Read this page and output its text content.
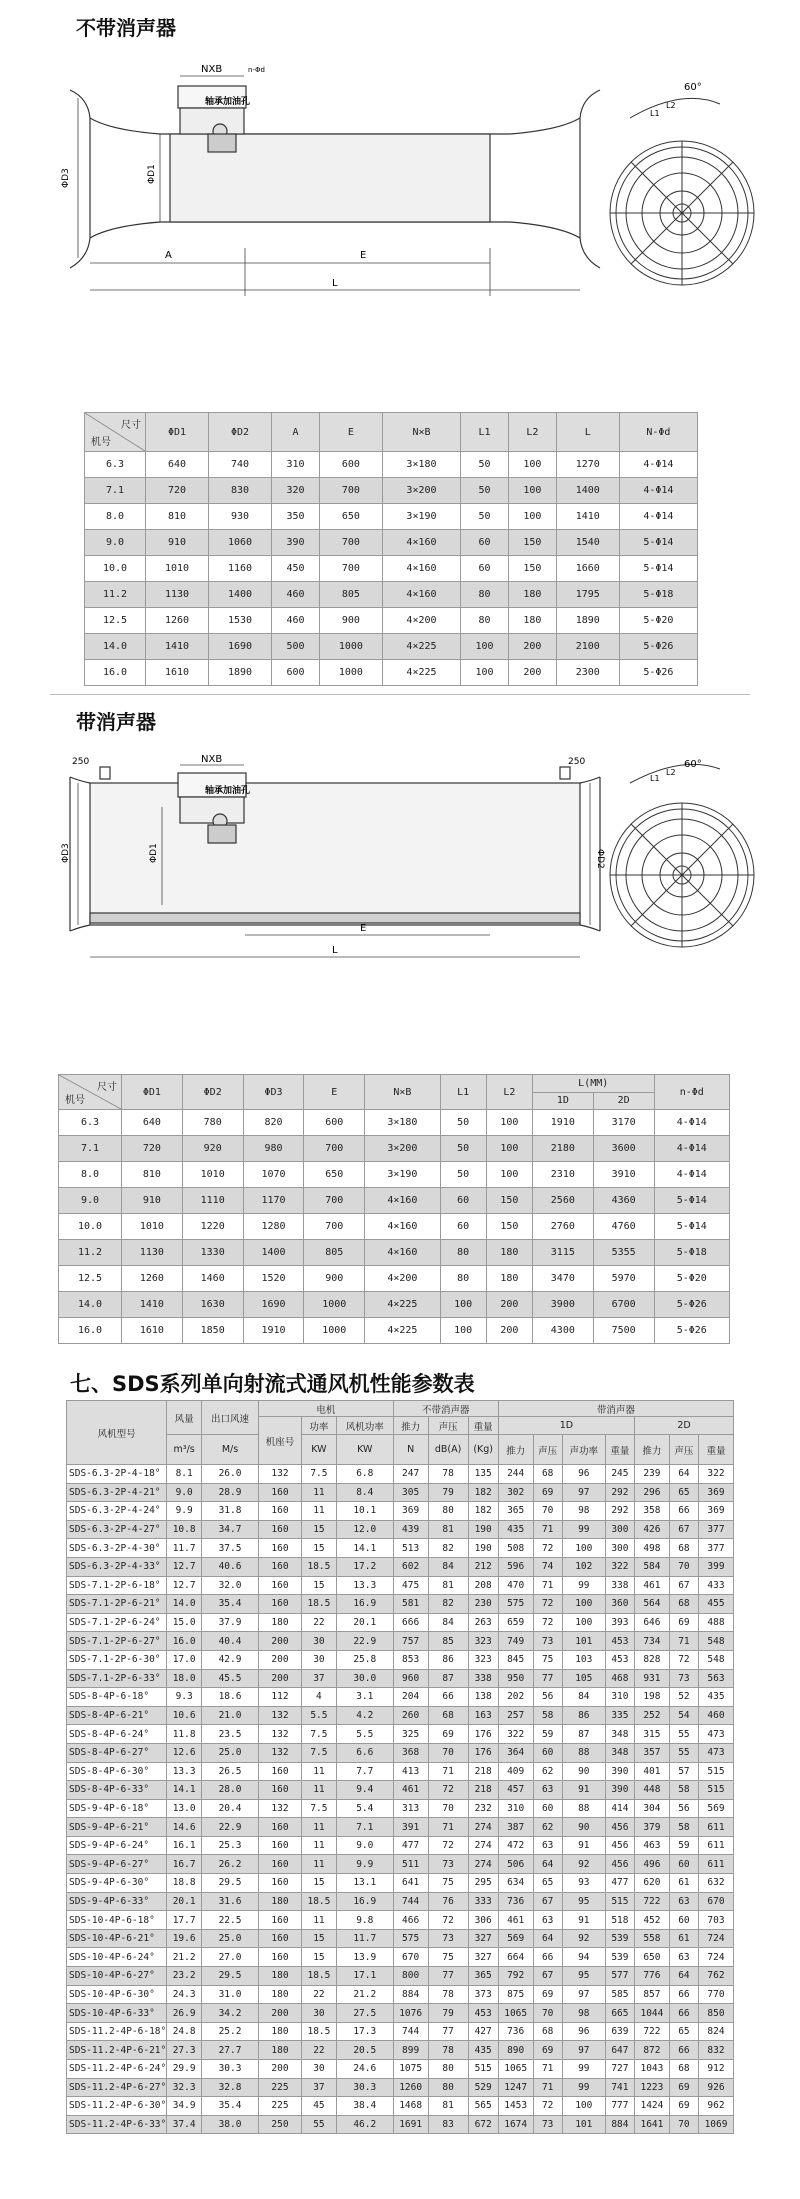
不带消声器
NXB	n-Φd
轴承加油孔
ΦD3	ΦD1
A	E
L
60°
L1
L2
尺寸
机号	ΦD1	ΦD2	A	E	N×B	L1	L2	L	N-Φd
6.3	640	740	310	600	3×180	50	100	1270	4-Φ14
7.1	720	830	320	700	3×200	50	100	1400	4-Φ14
8.0	810	930	350	650	3×190	50	100	1410	4-Φ14
9.0	910	1060	390	700	4×160	60	150	1540	5-Φ14
10.0	1010	1160	450	700	4×160	60	150	1660	5-Φ14
11.2	1130	1400	460	805	4×160	80	180	1795	5-Φ18
12.5	1260	1530	460	900	4×200	80	180	1890	5-Φ20
14.0	1410	1690	500	1000	4×225	100	200	2100	5-Φ26
16.0	1610	1890	600	1000	4×225	100	200	2300	5-Φ26
带消声器
NXB
250	250
轴承加油孔
ΦD3	ΦD1	ΦD2
E
L
60°
L1
L2
尺寸
机号	ΦD1	ΦD2	ΦD3	E	N×B	L1	L2	L(MM)		n-Φd
								1D	2D	
6.3	640	780	820	600	3×180	50	100	1910	3170	4-Φ14
7.1	720	920	980	700	3×200	50	100	2180	3600	4-Φ14
8.0	810	1010	1070	650	3×190	50	100	2310	3910	4-Φ14
9.0	910	1110	1170	700	4×160	60	150	2560	4360	5-Φ14
10.0	1010	1220	1280	700	4×160	60	150	2760	4760	5-Φ14
11.2	1130	1330	1400	805	4×160	80	180	3115	5355	5-Φ18
12.5	1260	1460	1520	900	4×200	80	180	3470	5970	5-Φ20
14.0	1410	1630	1690	1000	4×225	100	200	3900	6700	5-Φ26
16.0	1610	1850	1910	1000	4×225	100	200	4300	7500	5-Φ26
七、SDS系列单向射流式通风机性能参数表
风机型号	风量	出口风速	电机			不带消声器			带消声器						
			机座号	功率	风机功率	推力	声压	重量	1D				2D		
	m³/s	M/s		KW	KW	N	dB(A)	(Kg)	推力	声压	声功率	重量	推力	声压	重量
SDS-6.3-2P-4-18°	8.1	26.0	132	7.5	6.8	247	78	135	244	68	96	245	239	64	322
SDS-6.3-2P-4-21°	9.0	28.9	160	11	8.4	305	79	182	302	69	97	292	296	65	369
SDS-6.3-2P-4-24°	9.9	31.8	160	11	10.1	369	80	182	365	70	98	292	358	66	369
SDS-6.3-2P-4-27°	10.8	34.7	160	15	12.0	439	81	190	435	71	99	300	426	67	377
SDS-6.3-2P-4-30°	11.7	37.5	160	15	14.1	513	82	190	508	72	100	300	498	68	377
SDS-6.3-2P-4-33°	12.7	40.6	160	18.5	17.2	602	84	212	596	74	102	322	584	70	399
SDS-7.1-2P-6-18°	12.7	32.0	160	15	13.3	475	81	208	470	71	99	338	461	67	433
SDS-7.1-2P-6-21°	14.0	35.4	160	18.5	16.9	581	82	230	575	72	100	360	564	68	455
SDS-7.1-2P-6-24°	15.0	37.9	180	22	20.1	666	84	263	659	72	100	393	646	69	488
SDS-7.1-2P-6-27°	16.0	40.4	200	30	22.9	757	85	323	749	73	101	453	734	71	548
SDS-7.1-2P-6-30°	17.0	42.9	200	30	25.8	853	86	323	845	75	103	453	828	72	548
SDS-7.1-2P-6-33°	18.0	45.5	200	37	30.0	960	87	338	950	77	105	468	931	73	563
SDS-8-4P-6-18°	9.3	18.6	112	4	3.1	204	66	138	202	56	84	310	198	52	435
SDS-8-4P-6-21°	10.6	21.0	132	5.5	4.2	260	68	163	257	58	86	335	252	54	460
SDS-8-4P-6-24°	11.8	23.5	132	7.5	5.5	325	69	176	322	59	87	348	315	55	473
SDS-8-4P-6-27°	12.6	25.0	132	7.5	6.6	368	70	176	364	60	88	348	357	55	473
SDS-8-4P-6-30°	13.3	26.5	160	11	7.7	413	71	218	409	62	90	390	401	57	515
SDS-8-4P-6-33°	14.1	28.0	160	11	9.4	461	72	218	457	63	91	390	448	58	515
SDS-9-4P-6-18°	13.0	20.4	132	7.5	5.4	313	70	232	310	60	88	414	304	56	569
SDS-9-4P-6-21°	14.6	22.9	160	11	7.1	391	71	274	387	62	90	456	379	58	611
SDS-9-4P-6-24°	16.1	25.3	160	11	9.0	477	72	274	472	63	91	456	463	59	611
SDS-9-4P-6-27°	16.7	26.2	160	11	9.9	511	73	274	506	64	92	456	496	60	611
SDS-9-4P-6-30°	18.8	29.5	160	15	13.1	641	75	295	634	65	93	477	620	61	632
SDS-9-4P-6-33°	20.1	31.6	180	18.5	16.9	744	76	333	736	67	95	515	722	63	670
SDS-10-4P-6-18°	17.7	22.5	160	11	9.8	466	72	306	461	63	91	518	452	60	703
SDS-10-4P-6-21°	19.6	25.0	160	15	11.7	575	73	327	569	64	92	539	558	61	724
SDS-10-4P-6-24°	21.2	27.0	160	15	13.9	670	75	327	664	66	94	539	650	63	724
SDS-10-4P-6-27°	23.2	29.5	180	18.5	17.1	800	77	365	792	67	95	577	776	64	762
SDS-10-4P-6-30°	24.3	31.0	180	22	21.2	884	78	373	875	69	97	585	857	66	770
SDS-10-4P-6-33°	26.9	34.2	200	30	27.5	1076	79	453	1065	70	98	665	1044	66	850
SDS-11.2-4P-6-18°	24.8	25.2	180	18.5	17.3	744	77	427	736	68	96	639	722	65	824
SDS-11.2-4P-6-21°	27.3	27.7	180	22	20.5	899	78	435	890	69	97	647	872	66	832
SDS-11.2-4P-6-24°	29.9	30.3	200	30	24.6	1075	80	515	1065	71	99	727	1043	68	912
SDS-11.2-4P-6-27°	32.3	32.8	225	37	30.3	1260	80	529	1247	71	99	741	1223	69	926
SDS-11.2-4P-6-30°	34.9	35.4	225	45	38.4	1468	81	565	1453	72	100	777	1424	69	962
SDS-11.2-4P-6-33°	37.4	38.0	250	55	46.2	1691	83	672	1674	73	101	884	1641	70	1069
